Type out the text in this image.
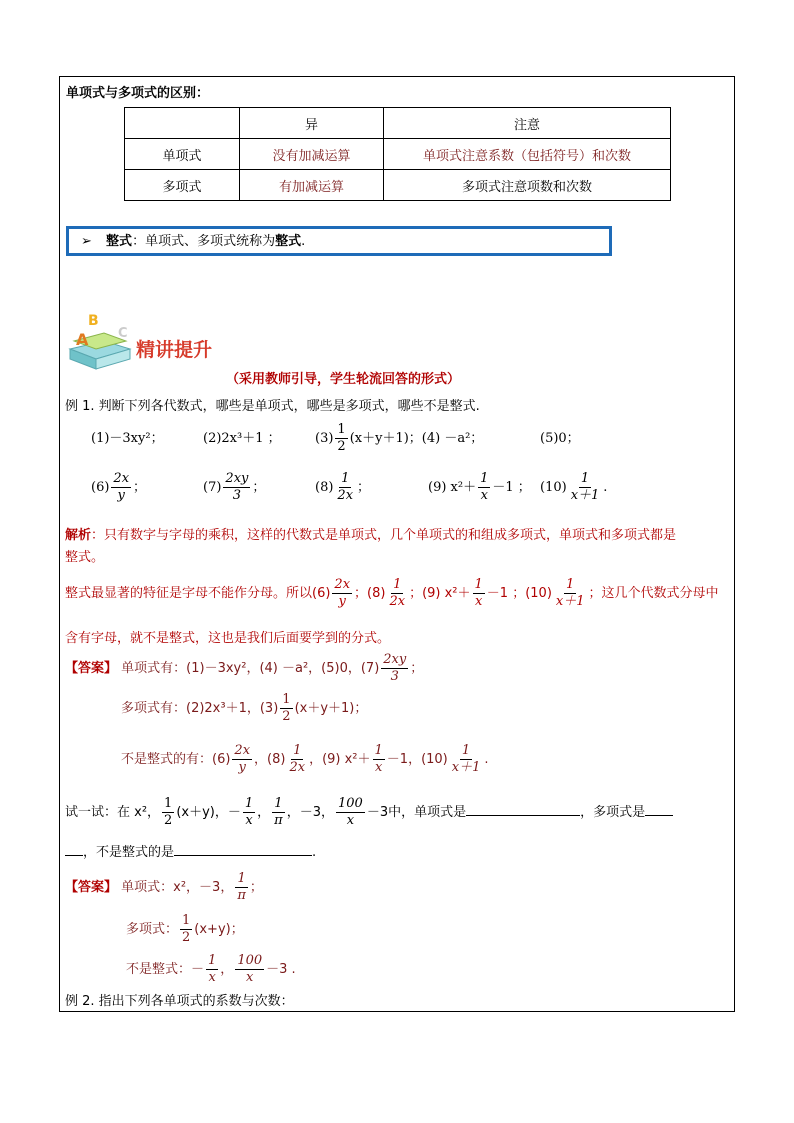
单项式与多项式的区别：
	异	注意
单项式	没有加减运算	单项式注意系数（包括符号）和次数
多项式	有加减运算	多项式注意项数和次数
➢ 整式：单项式、多项式统称为整式.
A
B
C
精讲提升
（采用教师引导，学生轮流回答的形式）
例 1. 判断下列各代数式，哪些是单项式，哪些是多项式，哪些不是整式.
(1)－3xy²；	(2)2x³＋1 ；	$(3) \frac{1}{2} (x+y+1)$；(4) －a²；	(5)0；
$(6) \frac{2x}{y}$ ；	$(7) \frac{2xy}{3}$ ；	$(8) \frac{1}{2x}$ ；	(9) $x^2+ \frac{1}{x} -1$ ； $(10) \frac{1}{x+1}$ .
解析：只有数字与字母的乘积，这样的代数式是单项式，几个单项式的和组成多项式，单项式和多项式都是
整式。
整式最显著的特征是字母不能作分母。所以$(6) \frac{2x}{y}$ ；$(8) \frac{1}{2x}$ ；(9) $x^2+ \frac{1}{x} -1$ ；$(10) \frac{1}{x+1}$ ；这几个代数式分母中
含有字母，就不是整式，这也是我们后面要学到的分式。
【答案】 单项式有：(1)－3xy²，(4) －a²，(5)0，$(7) \frac{2xy}{3}$ ；
多项式有：(2)2x³＋1，$(3) \frac{1}{2} (x+y+1)$；
不是整式的有：$(6) \frac{2x}{y}$ ，$(8) \frac{1}{2x}$ ，(9) $x^2+ \frac{1}{x} -1$，$(10) \frac{1}{x+1}$ .
试一试：在 x²， $\frac{1}{2} (x+y)$，－ $\frac{1}{x}$ ， $\frac{1}{\pi}$ ，－3， $\frac{100}{x} -3$中，单项式是	，多项式是
，不是整式的是	.
【答案】 单项式：x²，－3， $\frac{1}{\pi}$ ；
多项式： $\frac{1}{2} (x+y)$；
不是整式：－ $\frac{1}{x}$ ， $\frac{100}{x} -3$ .
例 2. 指出下列各单项式的系数与次数：
